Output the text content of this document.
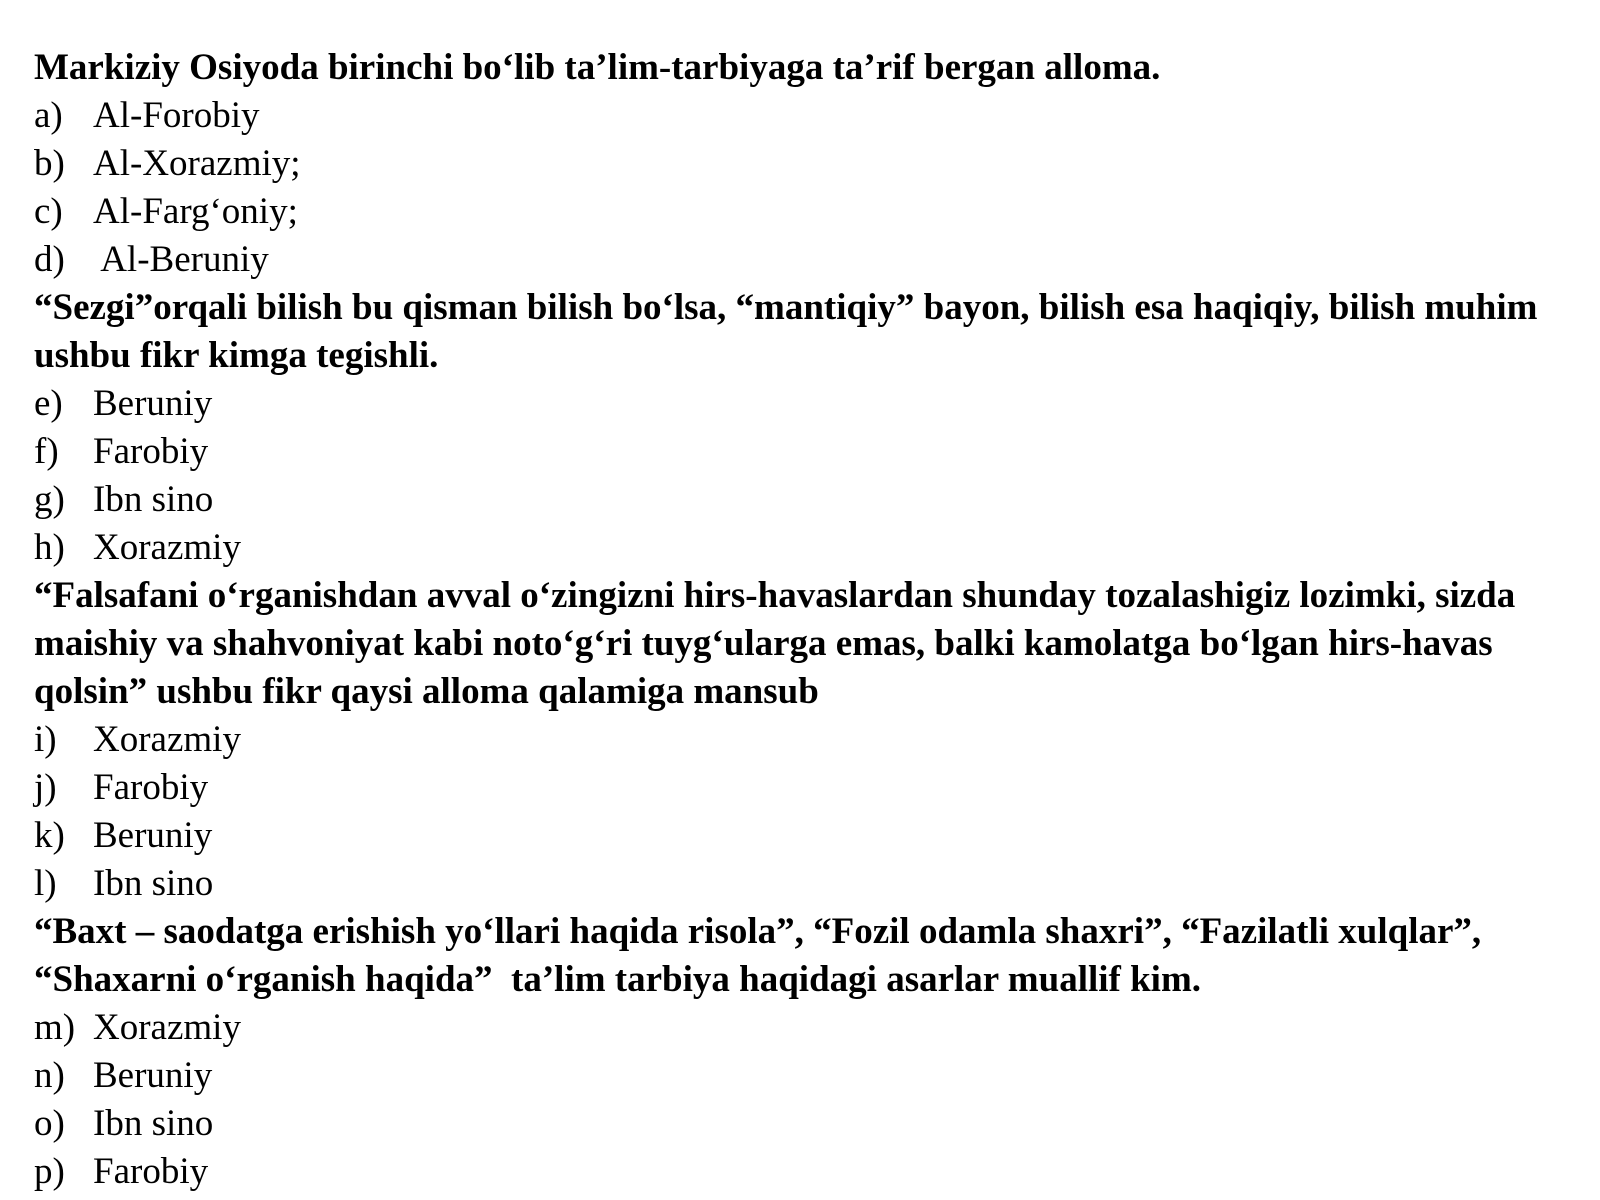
Markiziy Osiyoda birinchi bo‘lib ta’lim-tarbiyaga ta’rif bergan alloma.

a) Al-Forobiy
b) Al-Xorazmiy;
c) Al-Farg‘oniy;
d) Al-Beruniy

“Sezgi”orqali bilish bu qisman bilish bo‘lsa, “mantiqiy” bayon, bilish esa haqiqiy, bilish muhim ushbu fikr kimga tegishli.

e) Beruniy
f) Farobiy
g) Ibn sino
h) Xorazmiy

“Falsafani o‘rganishdan avval o‘zingizni hirs-havaslardan shunday tozalashigiz lozimki, sizda maishiy va shahvoniyat kabi noto‘g‘ri tuyg‘ularga emas, balki kamolatga bo‘lgan hirs-havas qolsin” ushbu fikr qaysi alloma qalamiga mansub

i) Xorazmiy
j) Farobiy
k) Beruniy
l) Ibn sino

“Baxt – saodatga erishish yo‘llari haqida risola”, “Fozil odamla shaxri”, “Fazilatli xulqlar”, “Shaxarni o‘rganish haqida”  ta’lim tarbiya haqidagi asarlar muallif kim.

m) Xorazmiy
n) Beruniy
o) Ibn sino
p) Farobiy
